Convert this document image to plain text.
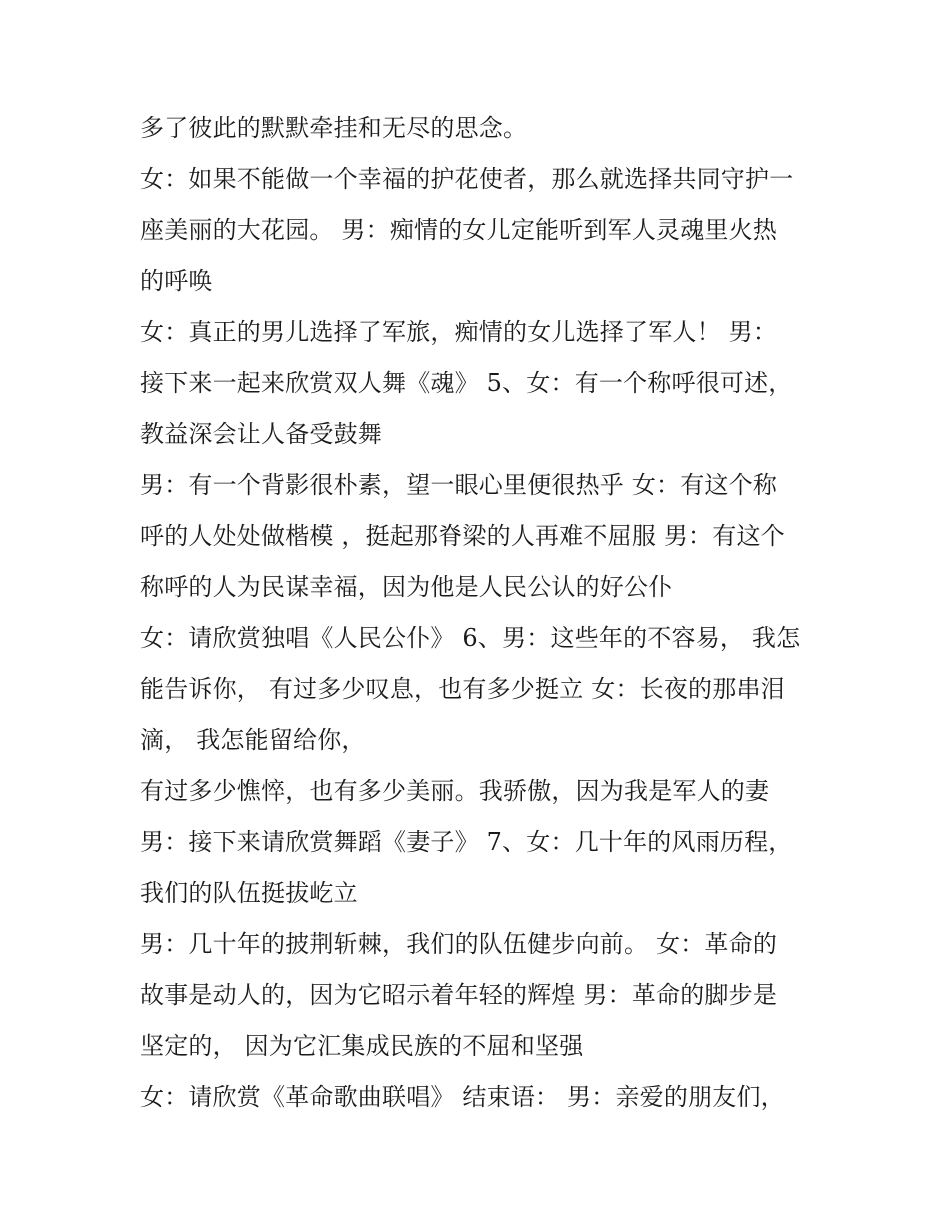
多了彼此的默默牵挂和无尽的思念。
女：如果不能做一个幸福的护花使者，那么就选择共同守护一
座美丽的大花园。 男：痴情的女儿定能听到军人灵魂里火热
的呼唤
女：真正的男儿选择了军旅，痴情的女儿选择了军人！ 男：
接下来一起来欣赏双人舞《魂》 5、女：有一个称呼很可述，
教益深会让人备受鼓舞
男：有一个背影很朴素，望一眼心里便很热乎 女：有这个称
呼的人处处做楷模 ，挺起那脊梁的人再难不屈服 男：有这个
称呼的人为民谋幸福，因为他是人民公认的好公仆
女：请欣赏独唱《人民公仆》 6、男：这些年的不容易， 我怎
能告诉你， 有过多少叹息，也有多少挺立 女：长夜的那串泪
滴， 我怎能留给你，
有过多少憔悴，也有多少美丽。我骄傲，因为我是军人的妻
男：接下来请欣赏舞蹈《妻子》 7、女：几十年的风雨历程，
我们的队伍挺拔屹立
男：几十年的披荆斩棘，我们的队伍健步向前。 女：革命的
故事是动人的，因为它昭示着年轻的辉煌 男：革命的脚步是
坚定的， 因为它汇集成民族的不屈和坚强
女：请欣赏《革命歌曲联唱》 结束语： 男：亲爱的朋友们，
